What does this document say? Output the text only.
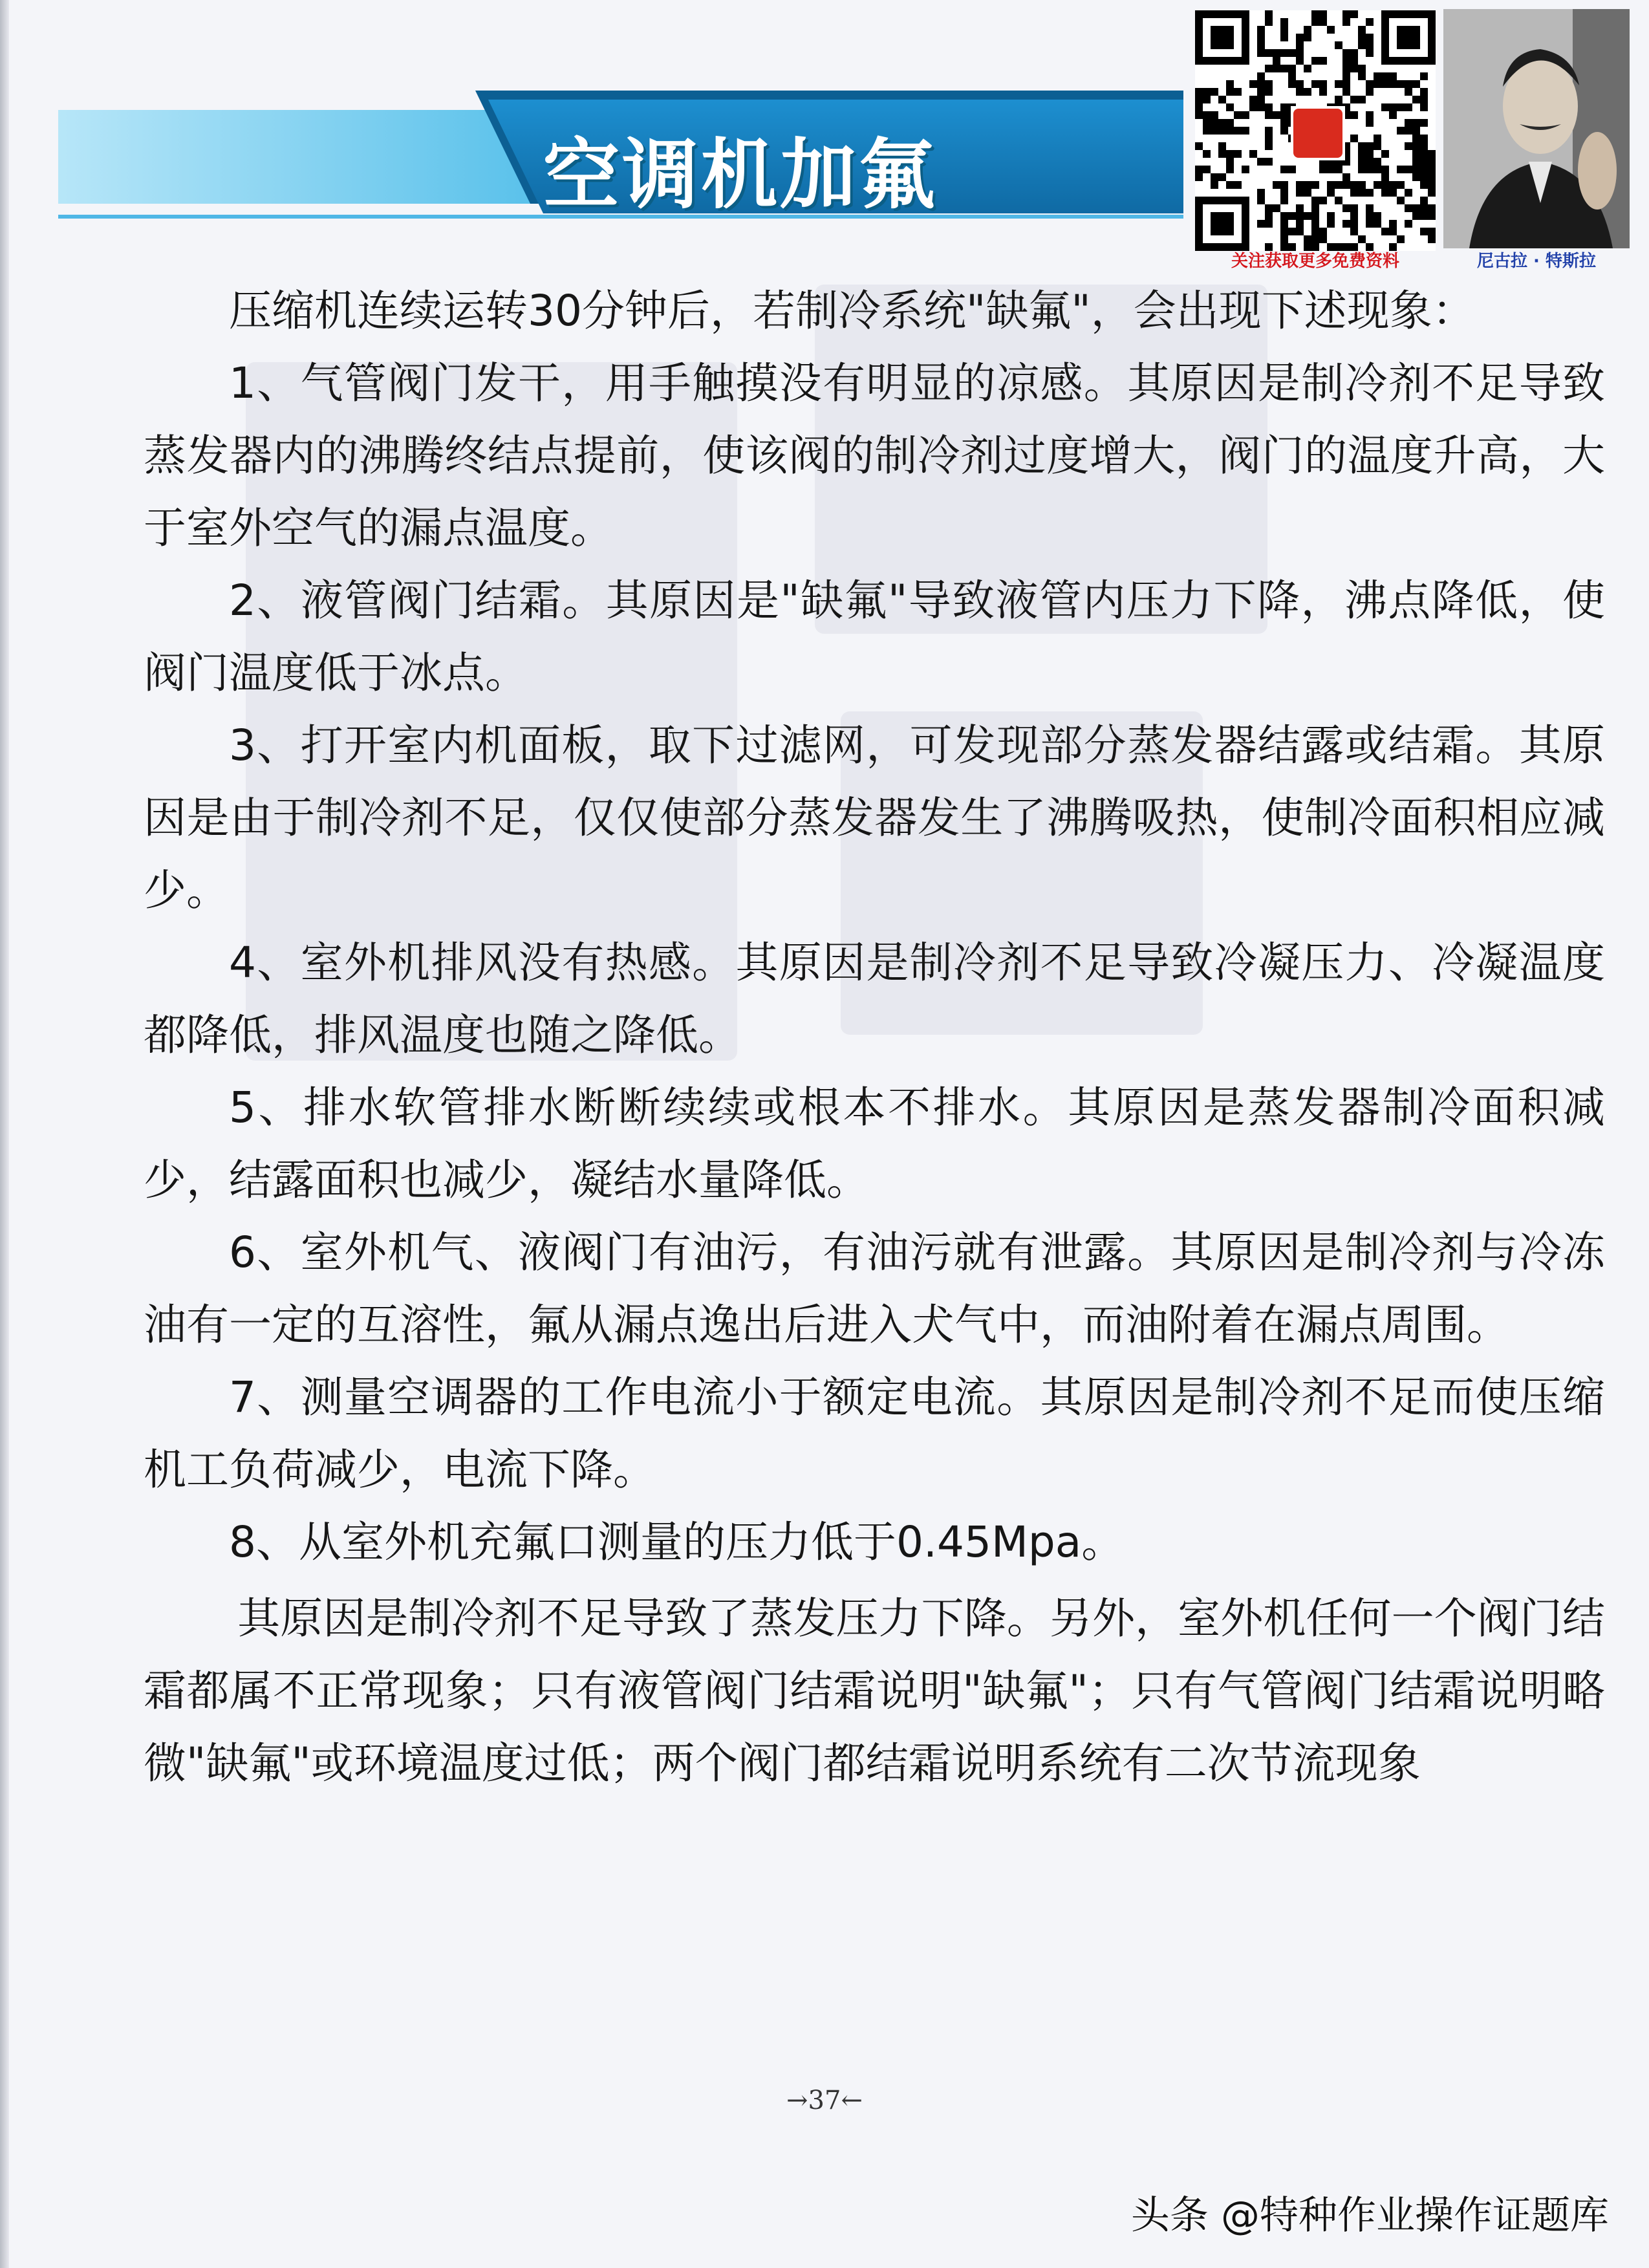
空调机加氟
关注获取更多免费资料	尼古拉 · 特斯拉

压缩机连续运转30分钟后，若制冷系统"缺氟"，会出现下述现象：

1、气管阀门发干，用手触摸没有明显的凉感。其原因是制冷剂不足导致蒸发器内的沸腾终结点提前，使该阀的制冷剂过度增大，阀门的温度升高，大于室外空气的漏点温度。

2、液管阀门结霜。其原因是"缺氟"导致液管内压力下降，沸点降低，使阀门温度低于冰点。

3、打开室内机面板，取下过滤网，可发现部分蒸发器结露或结霜。其原因是由于制冷剂不足，仅仅使部分蒸发器发生了沸腾吸热，使制冷面积相应减少。

4、室外机排风没有热感。其原因是制冷剂不足导致冷凝压力、冷凝温度都降低，排风温度也随之降低。

5、排水软管排水断断续续或根本不排水。其原因是蒸发器制冷面积减少，结露面积也减少，凝结水量降低。

6、室外机气、液阀门有油污，有油污就有泄露。其原因是制冷剂与冷冻油有一定的互溶性，氟从漏点逸出后进入犬气中，而油附着在漏点周围。

7、测量空调器的工作电流小于额定电流。其原因是制冷剂不足而使压缩机工负荷减少，电流下降。

8、从室外机充氟口测量的压力低于0.45Mpa。

其原因是制冷剂不足导致了蒸发压力下降。另外，室外机任何一个阀门结霜都属不正常现象；只有液管阀门结霜说明"缺氟"；只有气管阀门结霜说明略微"缺氟"或环境温度过低；两个阀门都结霜说明系统有二次节流现象

→37←
头条 @特种作业操作证题库
